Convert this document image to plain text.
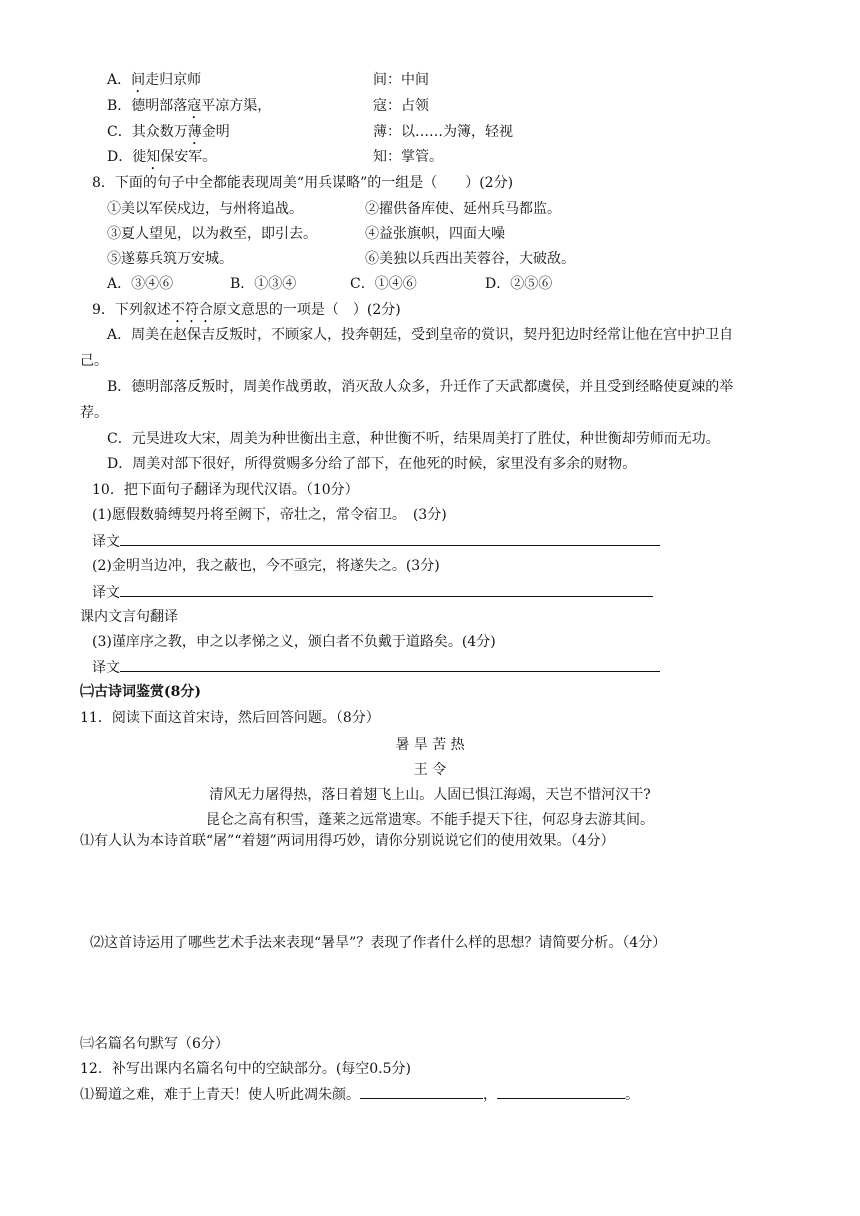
A．间走归京师	间：中间
B．德明部落寇平凉方渠，	寇：占领
C．其众数万薄金明	薄：以……为簿，轻视
D．徙知保安军。	知：掌管。
8．下面的句子中全都能表现周美“用兵谋略”的一组是（　　）(2分)
①美以军侯戍边，与州将追战。	②擢供备库使、延州兵马都监。
③夏人望见，以为救至，即引去。	④益张旗帜，四面大噪
⑤遂募兵筑万安城。	⑥美独以兵西出芙蓉谷，大破敌。
A．③④⑥	B．①③④	C．①④⑥	D．②⑤⑥
9．下列叙述不符合原文意思的一项是（　）(2分)
A．周美在赵保吉反叛时，不顾家人，投奔朝廷，受到皇帝的赏识，契丹犯边时经常让他在宫中护卫自
己。
B．德明部落反叛时，周美作战勇敢，消灭敌人众多，升迁作了天武都虞侯，并且受到经略使夏竦的举
荐。
C．元昊进攻大宋，周美为种世衡出主意，种世衡不听，结果周美打了胜仗，种世衡却劳师而无功。
D．周美对部下很好，所得赏赐多分给了部下，在他死的时候，家里没有多余的财物。
10．把下面句子翻译为现代汉语。（10分）
(1)愿假数骑缚契丹将至阙下，帝壮之，常令宿卫。　(3分)
译文
(2)金明当边冲，我之蔽也，今不亟完，将遂失之。(3分)
译文
课内文言句翻译
(3)谨庠序之教，申之以孝悌之义，颁白者不负戴于道路矣。(4分)
译文
㈡古诗词鉴赏(8分)
11．阅读下面这首宋诗，然后回答问题。（8分）
暑 旱 苦 热
王 令
清风无力屠得热，落日着翅飞上山。人固已惧江海竭，天岂不惜河汉干?
昆仑之高有积雪，蓬莱之远常遗寒。不能手提天下往，何忍身去游其间。
⑴有人认为本诗首联“屠”“着翅”两词用得巧妙，请你分别说说它们的使用效果。（4分）
⑵这首诗运用了哪些艺术手法来表现“暑旱”？表现了作者什么样的思想？请简要分析。（4分）
㈢名篇名句默写（6分）
12．补写出课内名篇名句中的空缺部分。(每空0.5分)
⑴蜀道之难，难于上青天！使人听此凋朱颜。	，	。
